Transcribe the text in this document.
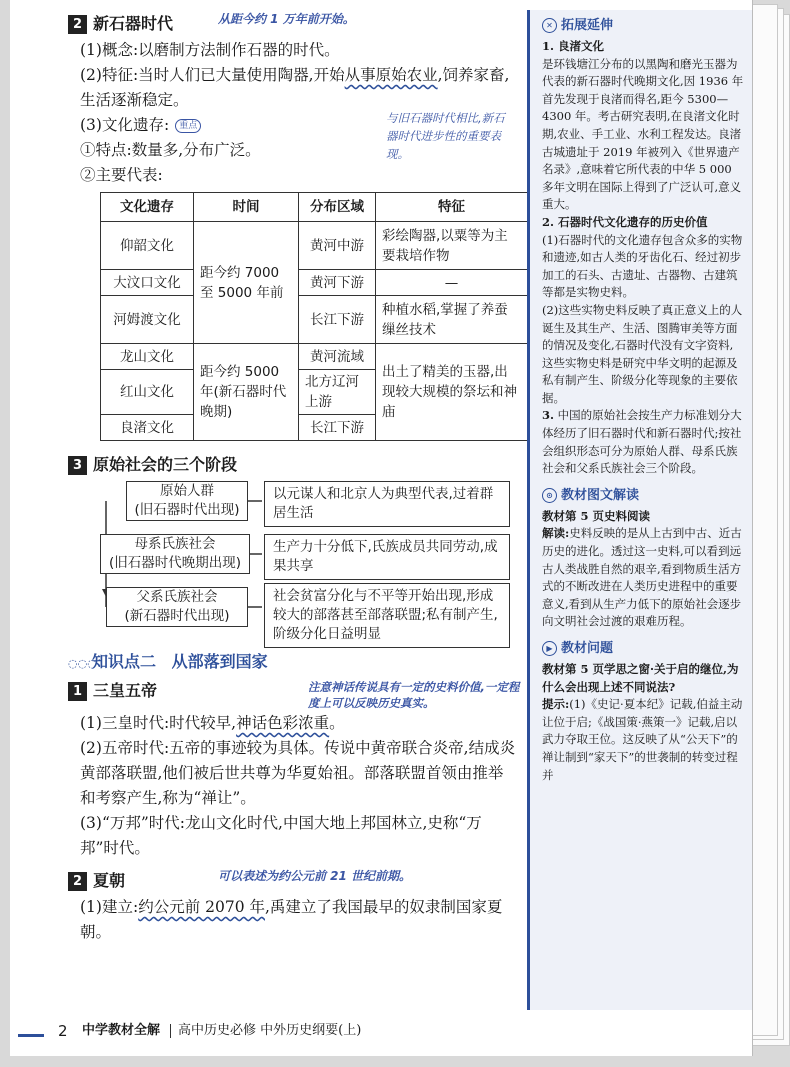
2 新石器时代	从距今约 1 万年前开始。

(1)概念:以磨制方法制作石器的时代。

(2)特征:当时人们已大量使用陶器,开始从事原始农业,饲养家畜,生活逐渐稳定。

(3)文化遗存: 重点

与旧石器时代相比,新石器时代进步性的重要表现。

①特点:数量多,分布广泛。

②主要代表:

文化遗存	时间	分布区域	特征
仰韶文化	距今约 7000 至 5000 年前	黄河中游	彩绘陶器,以粟等为主要栽培作物
大汶口文化		黄河下游	—
河姆渡文化		长江下游	种植水稻,掌握了养蚕缫丝技术
龙山文化	距今约 5000 年(新石器时代晚期)	黄河流域	出土了精美的玉器,出现较大规模的祭坛和神庙
红山文化		北方辽河上游	
良渚文化		长江下游	
3 原始社会的三个阶段
原始人群
(旧石器时代出现)
以元谋人和北京人为典型代表,过着群居生活
母系氏族社会
(旧石器时代晚期出现)
生产力十分低下,氏族成员共同劳动,成果共享
父系氏族社会
(新石器时代出现)
社会贫富分化与不平等开始出现,形成较大的部落甚至部落联盟;私有制产生,阶级分化日益明显
◌◌◌知识点二 从部落到国家
1 三皇五帝	注意神话传说具有一定的史料价值,一定程度上可以反映历史真实。

(1)三皇时代:时代较早,神话色彩浓重。

(2)五帝时代:五帝的事迹较为具体。传说中黄帝联合炎帝,结成炎黄部落联盟,他们被后世共尊为华夏始祖。部落联盟首领由推举和考察产生,称为“禅让”。

(3)“万邦”时代:龙山文化时代,中国大地上邦国林立,史称“万邦”时代。

2 夏朝	可以表述为约公元前 21 世纪前期。

(1)建立:约公元前 2070 年,禹建立了我国最早的奴隶制国家夏朝。

✕ 拓展延伸

1. 良渚文化

是环钱塘江分布的以黑陶和磨光玉器为代表的新石器时代晚期文化,因 1936 年首先发现于良渚而得名,距今 5300—4300 年。考古研究表明,在良渚文化时期,农业、手工业、水利工程发达。良渚古城遗址于 2019 年被列入《世界遗产名录》,意味着它所代表的中华 5 000 多年文明在国际上得到了广泛认可,意义重大。

2. 石器时代文化遗存的历史价值

(1)石器时代的文化遗存包含众多的实物和遗迹,如古人类的牙齿化石、经过初步加工的石头、古遗址、古器物、古建筑等都是实物史料。

(2)这些实物史料反映了真正意义上的人诞生及其生产、生活、图腾审美等方面的情况及变化,石器时代没有文字资料,这些实物史料是研究中华文明的起源及私有制产生、阶级分化等现象的主要依据。

3. 中国的原始社会按生产力标准划分大体经历了旧石器时代和新石器时代;按社会组织形态可分为原始人群、母系氏族社会和父系氏族社会三个阶段。

⊙ 教材图文解读

教材第 5 页史料阅读

解读:史料反映的是从上古到中古、近古历史的进化。透过这一史料,可以看到远古人类战胜自然的艰辛,看到物质生活方式的不断改进在人类历史进程中的重要意义,看到从生产力低下的原始社会逐步向文明社会过渡的艰难历程。

▶ 教材问题

教材第 5 页学思之窗·关于启的继位,为什么会出现上述不同说法?

提示:(1)《史记·夏本纪》记载,伯益主动让位于启;《战国策·燕策一》记载,启以武力夺取王位。这反映了从“公天下”的禅让制到“家天下”的世袭制的转变过程并

2 中学教材全解 高中历史必修 中外历史纲要(上)
